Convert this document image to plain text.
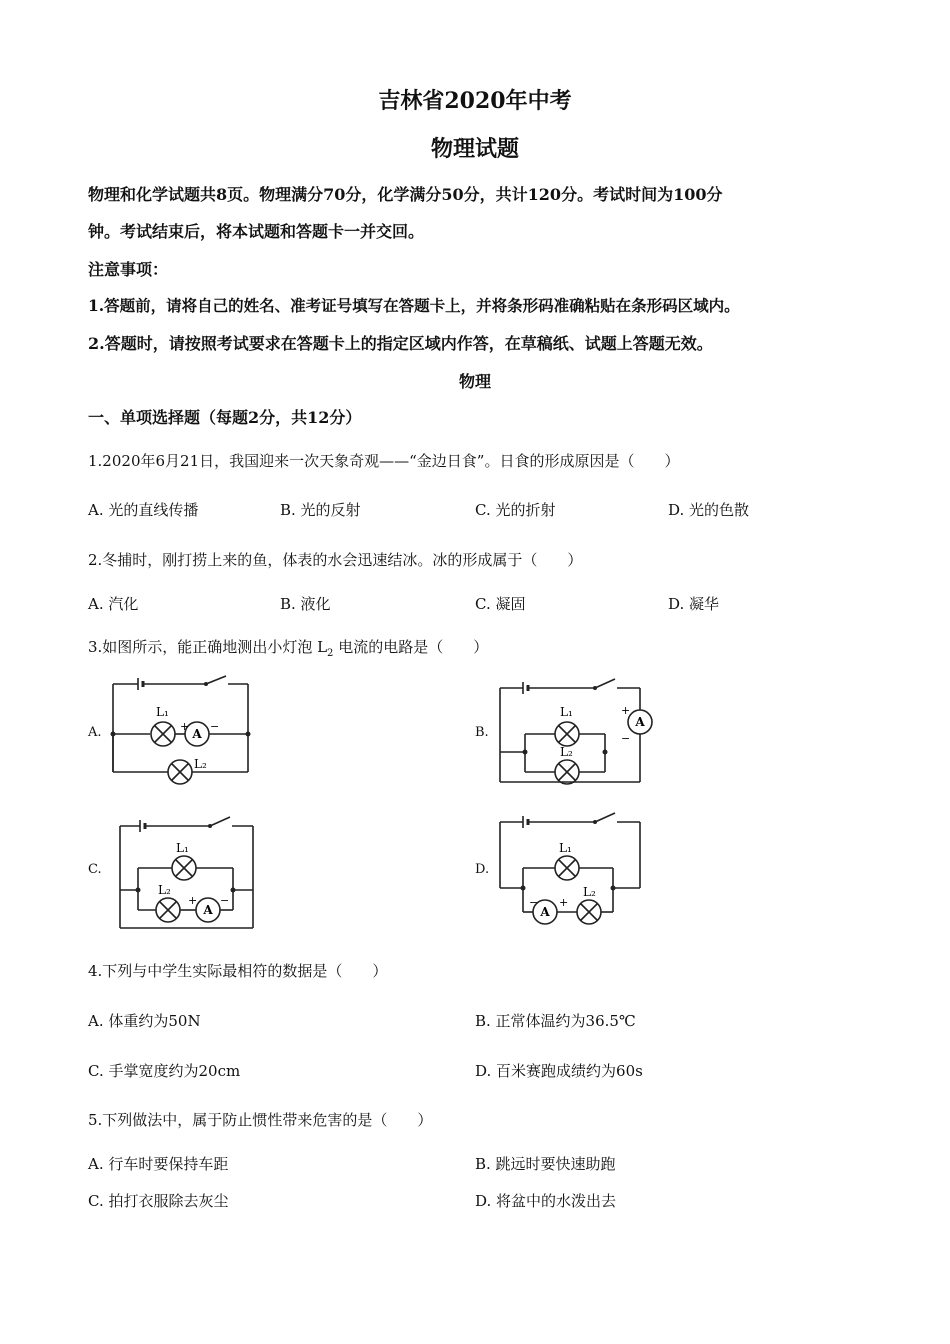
吉林省2020年中考
物理试题
物理和化学试题共8页。物理满分70分，化学满分50分，共计120分。考试时间为100分
钟。考试结束后，将本试题和答题卡一并交回。
注意事项：
1.答题前，请将自己的姓名、准考证号填写在答题卡上，并将条形码准确粘贴在条形码区域内。
2.答题时，请按照考试要求在答题卡上的指定区域内作答，在草稿纸、试题上答题无效。
物理
一、单项选择题（每题2分，共12分）
1.2020年6月21日，我国迎来一次天象奇观——“金边日食”。日食的形成原因是（　　）
A. 光的直线传播	B. 光的反射	C. 光的折射	D. 光的色散
2.冬捕时，刚打捞上来的鱼，体表的水会迅速结冰。冰的形成属于（　　）
A. 汽化	B. 液化	C. 凝固	D. 凝华
3.如图所示，能正确地测出小灯泡 $L_2$ 电流的电路是（　　）
A.	B.
C.	D.
A
L₁
+ −
L₂
A
L₁
L₂
+
−
A
L₁
L₂
+ −
A
L₁
L₂
− +
4.下列与中学生实际最相符的数据是（　　）
A. 体重约为50N	B. 正常体温约为36.5℃
C. 手掌宽度约为20cm	D. 百米赛跑成绩约为60s
5.下列做法中，属于防止惯性带来危害的是（　　）
A. 行车时要保持车距	B. 跳远时要快速助跑
C. 拍打衣服除去灰尘	D. 将盆中的水泼出去
